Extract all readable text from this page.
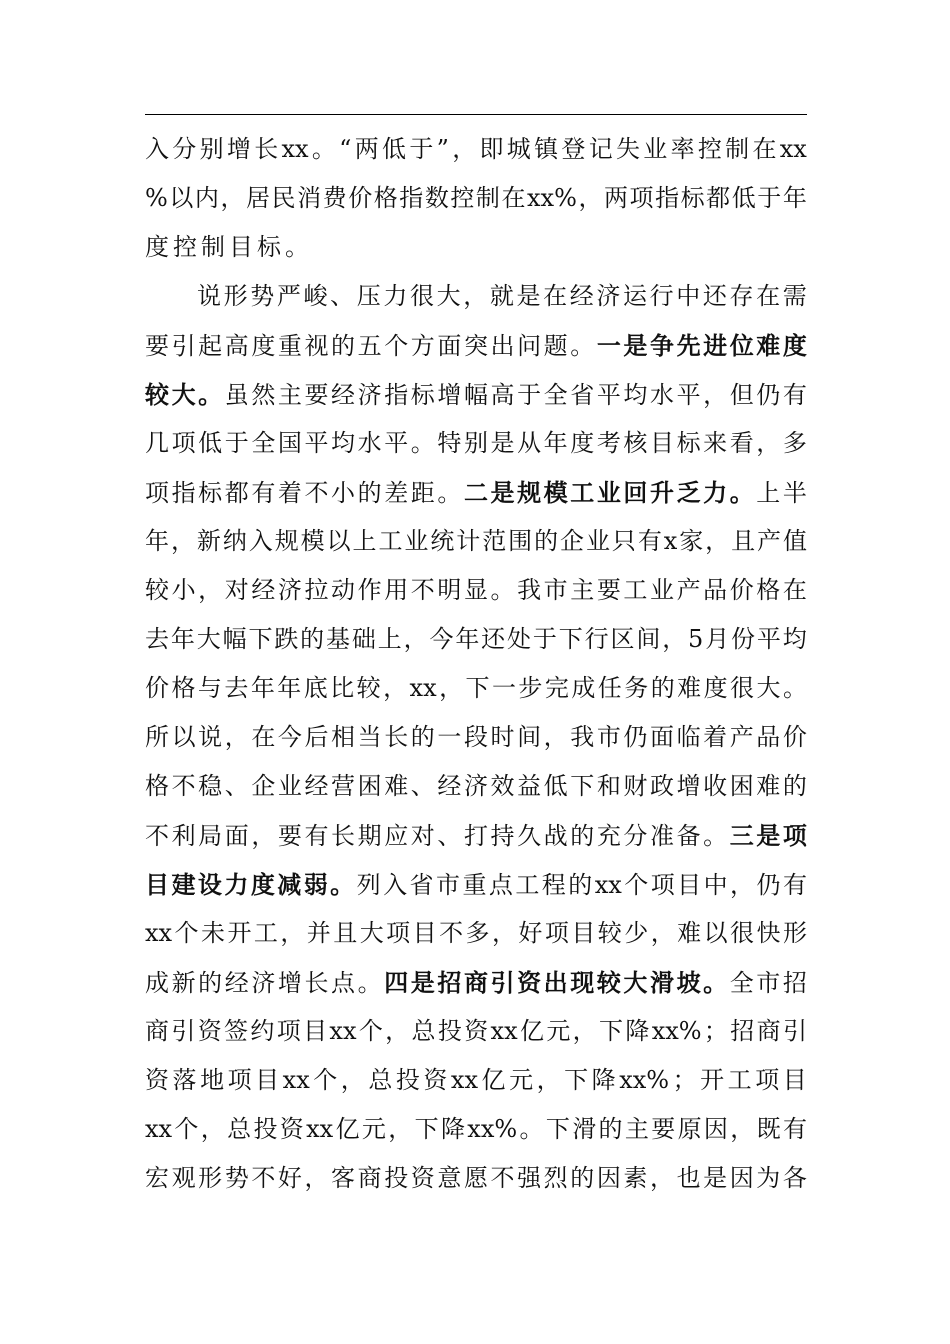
入 分 别 增 长 xx 。 “ 两 低 于 ” ， 即 城 镇 登 记 失 业 率 控 制 在 xx
% 以 内 ， 居 民 消 费 价 格 指 数 控 制 在 xx% ， 两 项 指 标 都 低 于 年
度 控 制 目 标 。
说 形 势 严 峻 、 压 力 很 大 ， 就 是 在 经 济 运 行 中 还 存 在 需
要 引 起 高 度 重 视 的 五 个 方 面 突 出 问 题 。 一 是 争 先 进 位 难 度
较 大 。 虽 然 主 要 经 济 指 标 增 幅 高 于 全 省 平 均 水 平 ， 但 仍 有
几 项 低 于 全 国 平 均 水 平 。 特 别 是 从 年 度 考 核 目 标 来 看 ， 多
项 指 标 都 有 着 不 小 的 差 距 。 二 是 规 模 工 业 回 升 乏 力 。 上 半
年 ， 新 纳 入 规 模 以 上 工 业 统 计 范 围 的 企 业 只 有 x 家 ， 且 产 值
较 小 ， 对 经 济 拉 动 作 用 不 明 显 。 我 市 主 要 工 业 产 品 价 格 在
去 年 大 幅 下 跌 的 基 础 上 ， 今 年 还 处 于 下 行 区 间 ， 5 月 份 平 均
价 格 与 去 年 年 底 比 较 ， xx ， 下 一 步 完 成 任 务 的 难 度 很 大 。
所 以 说 ， 在 今 后 相 当 长 的 一 段 时 间 ， 我 市 仍 面 临 着 产 品 价
格 不 稳 、 企 业 经 营 困 难 、 经 济 效 益 低 下 和 财 政 增 收 困 难 的
不 利 局 面 ， 要 有 长 期 应 对 、 打 持 久 战 的 充 分 准 备 。 三 是 项
目 建 设 力 度 减 弱 。 列 入 省 市 重 点 工 程 的 xx 个 项 目 中 ， 仍 有
xx 个 未 开 工 ， 并 且 大 项 目 不 多 ， 好 项 目 较 少 ， 难 以 很 快 形
成 新 的 经 济 增 长 点 。 四 是 招 商 引 资 出 现 较 大 滑 坡 。 全 市 招
商 引 资 签 约 项 目 xx 个 ， 总 投 资 xx 亿 元 ， 下 降 xx% ； 招 商 引
资 落 地 项 目 xx 个 ， 总 投 资 xx 亿 元 ， 下 降 xx% ； 开 工 项 目
xx 个 ， 总 投 资 xx 亿 元 ， 下 降 xx% 。 下 滑 的 主 要 原 因 ， 既 有
宏 观 形 势 不 好 ， 客 商 投 资 意 愿 不 强 烈 的 因 素 ， 也 是 因 为 各
